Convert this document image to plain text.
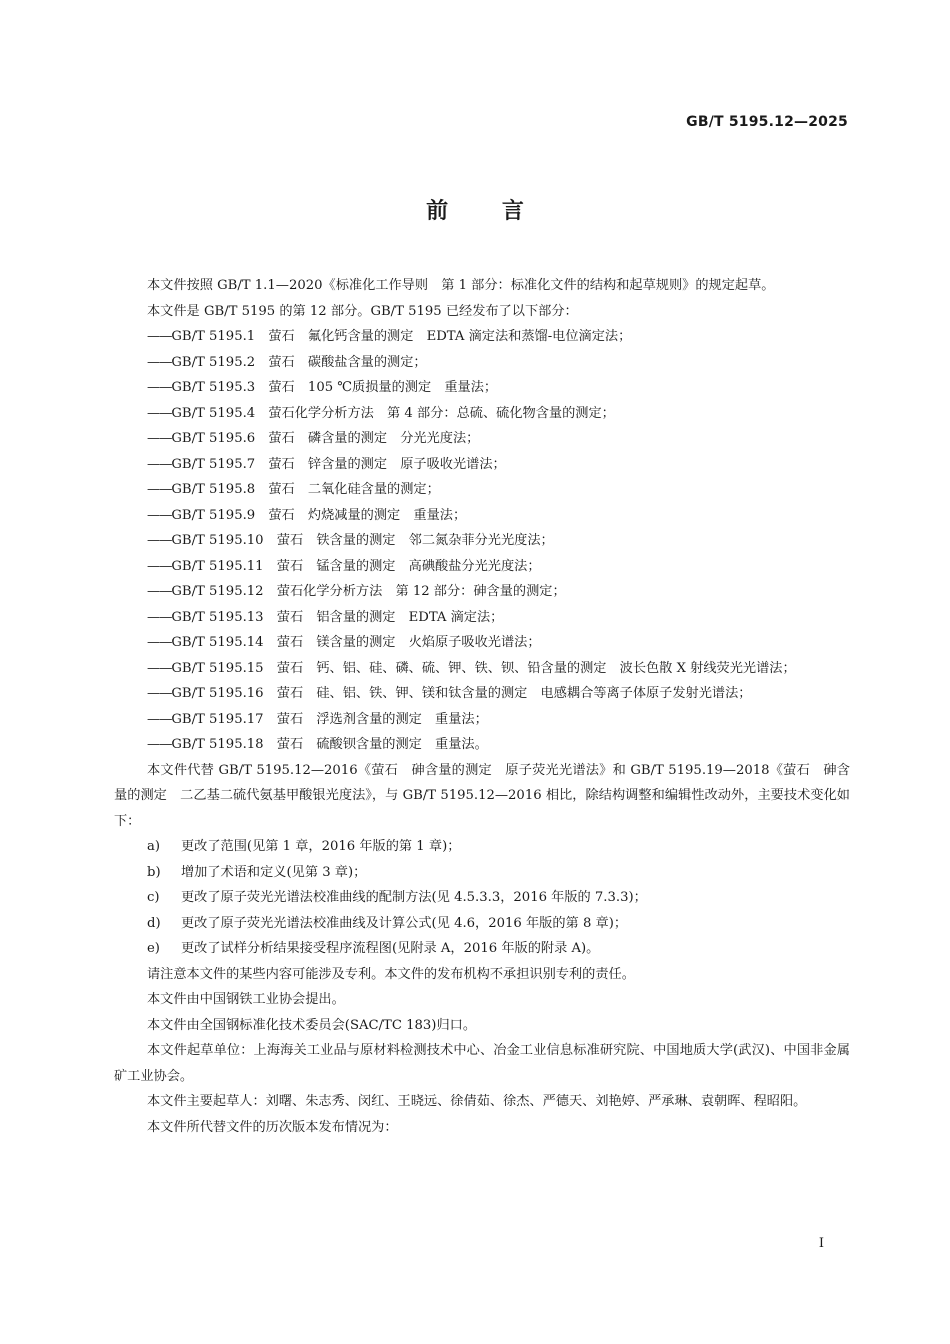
GB/T 5195.12—2025
前 言

本文件按照 GB/T 1.1—2020《标准化工作导则　第 1 部分：标准化文件的结构和起草规则》的规定起草。

本文件是 GB/T 5195 的第 12 部分。GB/T 5195 已经发布了以下部分：

——GB/T 5195.1　萤石　氟化钙含量的测定　EDTA 滴定法和蒸馏-电位滴定法；

——GB/T 5195.2　萤石　碳酸盐含量的测定；

——GB/T 5195.3　萤石　105 ℃质损量的测定　重量法；

——GB/T 5195.4　萤石化学分析方法　第 4 部分：总硫、硫化物含量的测定；

——GB/T 5195.6　萤石　磷含量的测定　分光光度法；

——GB/T 5195.7　萤石　锌含量的测定　原子吸收光谱法；

——GB/T 5195.8　萤石　二氧化硅含量的测定；

——GB/T 5195.9　萤石　灼烧减量的测定　重量法；

——GB/T 5195.10　萤石　铁含量的测定　邻二氮杂菲分光光度法；

——GB/T 5195.11　萤石　锰含量的测定　高碘酸盐分光光度法；

——GB/T 5195.12　萤石化学分析方法　第 12 部分：砷含量的测定；

——GB/T 5195.13　萤石　铝含量的测定　EDTA 滴定法；

——GB/T 5195.14　萤石　镁含量的测定　火焰原子吸收光谱法；

——GB/T 5195.15　萤石　钙、铝、硅、磷、硫、钾、铁、钡、铅含量的测定　波长色散 X 射线荧光光谱法；

——GB/T 5195.16　萤石　硅、铝、铁、钾、镁和钛含量的测定　电感耦合等离子体原子发射光谱法；

——GB/T 5195.17　萤石　浮选剂含量的测定　重量法；

——GB/T 5195.18　萤石　硫酸钡含量的测定　重量法。

本文件代替 GB/T 5195.12—2016《萤石　砷含量的测定　原子荧光光谱法》和 GB/T 5195.19—2018《萤石　砷含量的测定　二乙基二硫代氨基甲酸银光度法》，与 GB/T 5195.12—2016 相比，除结构调整和编辑性改动外，主要技术变化如下：

a) 更改了范围(见第 1 章，2016 年版的第 1 章)；

b) 增加了术语和定义(见第 3 章)；

c) 更改了原子荧光光谱法校准曲线的配制方法(见 4.5.3.3，2016 年版的 7.3.3)；

d) 更改了原子荧光光谱法校准曲线及计算公式(见 4.6，2016 年版的第 8 章)；

e) 更改了试样分析结果接受程序流程图(见附录 A，2016 年版的附录 A)。

请注意本文件的某些内容可能涉及专利。本文件的发布机构不承担识别专利的责任。

本文件由中国钢铁工业协会提出。

本文件由全国钢标准化技术委员会(SAC/TC 183)归口。

本文件起草单位：上海海关工业品与原材料检测技术中心、冶金工业信息标准研究院、中国地质大学(武汉)、中国非金属矿工业协会。

本文件主要起草人：刘曙、朱志秀、闵红、王晓远、徐倩茹、徐杰、严德天、刘艳婷、严承琳、袁朝晖、程昭阳。

本文件所代替文件的历次版本发布情况为：

I
